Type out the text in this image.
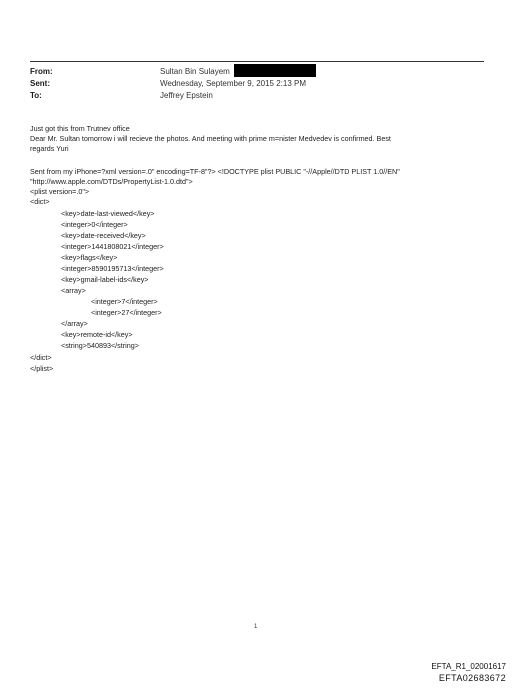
From:	Sultan Bin Sulayem
Sent:	Wednesday, September 9, 2015 2:13 PM
To:	Jeffrey Epstein
Just got this from Trutnev office
Dear Mr. Sultan tomorrow i will recieve the photos. And meeting with prime m=nister Medvedev is confirmed. Best
regards Yuri
Sent from my iPhone=?xml version=.0" encoding=TF-8"?> <!DOCTYPE plist PUBLIC "-//Apple//DTD PLIST 1.0//EN"
"http://www.apple.com/DTDs/PropertyList-1.0.dtd">
<plist version=.0">
<dict>
<key>date-last-viewed</key>
<integer>0</integer>
<key>date-received</key>
<integer>1441808021</integer>
<key>flags</key>
<integer>8590195713</integer>
<key>gmail-label-ids</key>
<array>
<integer>7</integer>
<integer>27</integer>
</array>
<key>remote-id</key>
<string>540893</string>
</dict>
</plist>
1
EFTA_R1_02001617
EFTA02683672
